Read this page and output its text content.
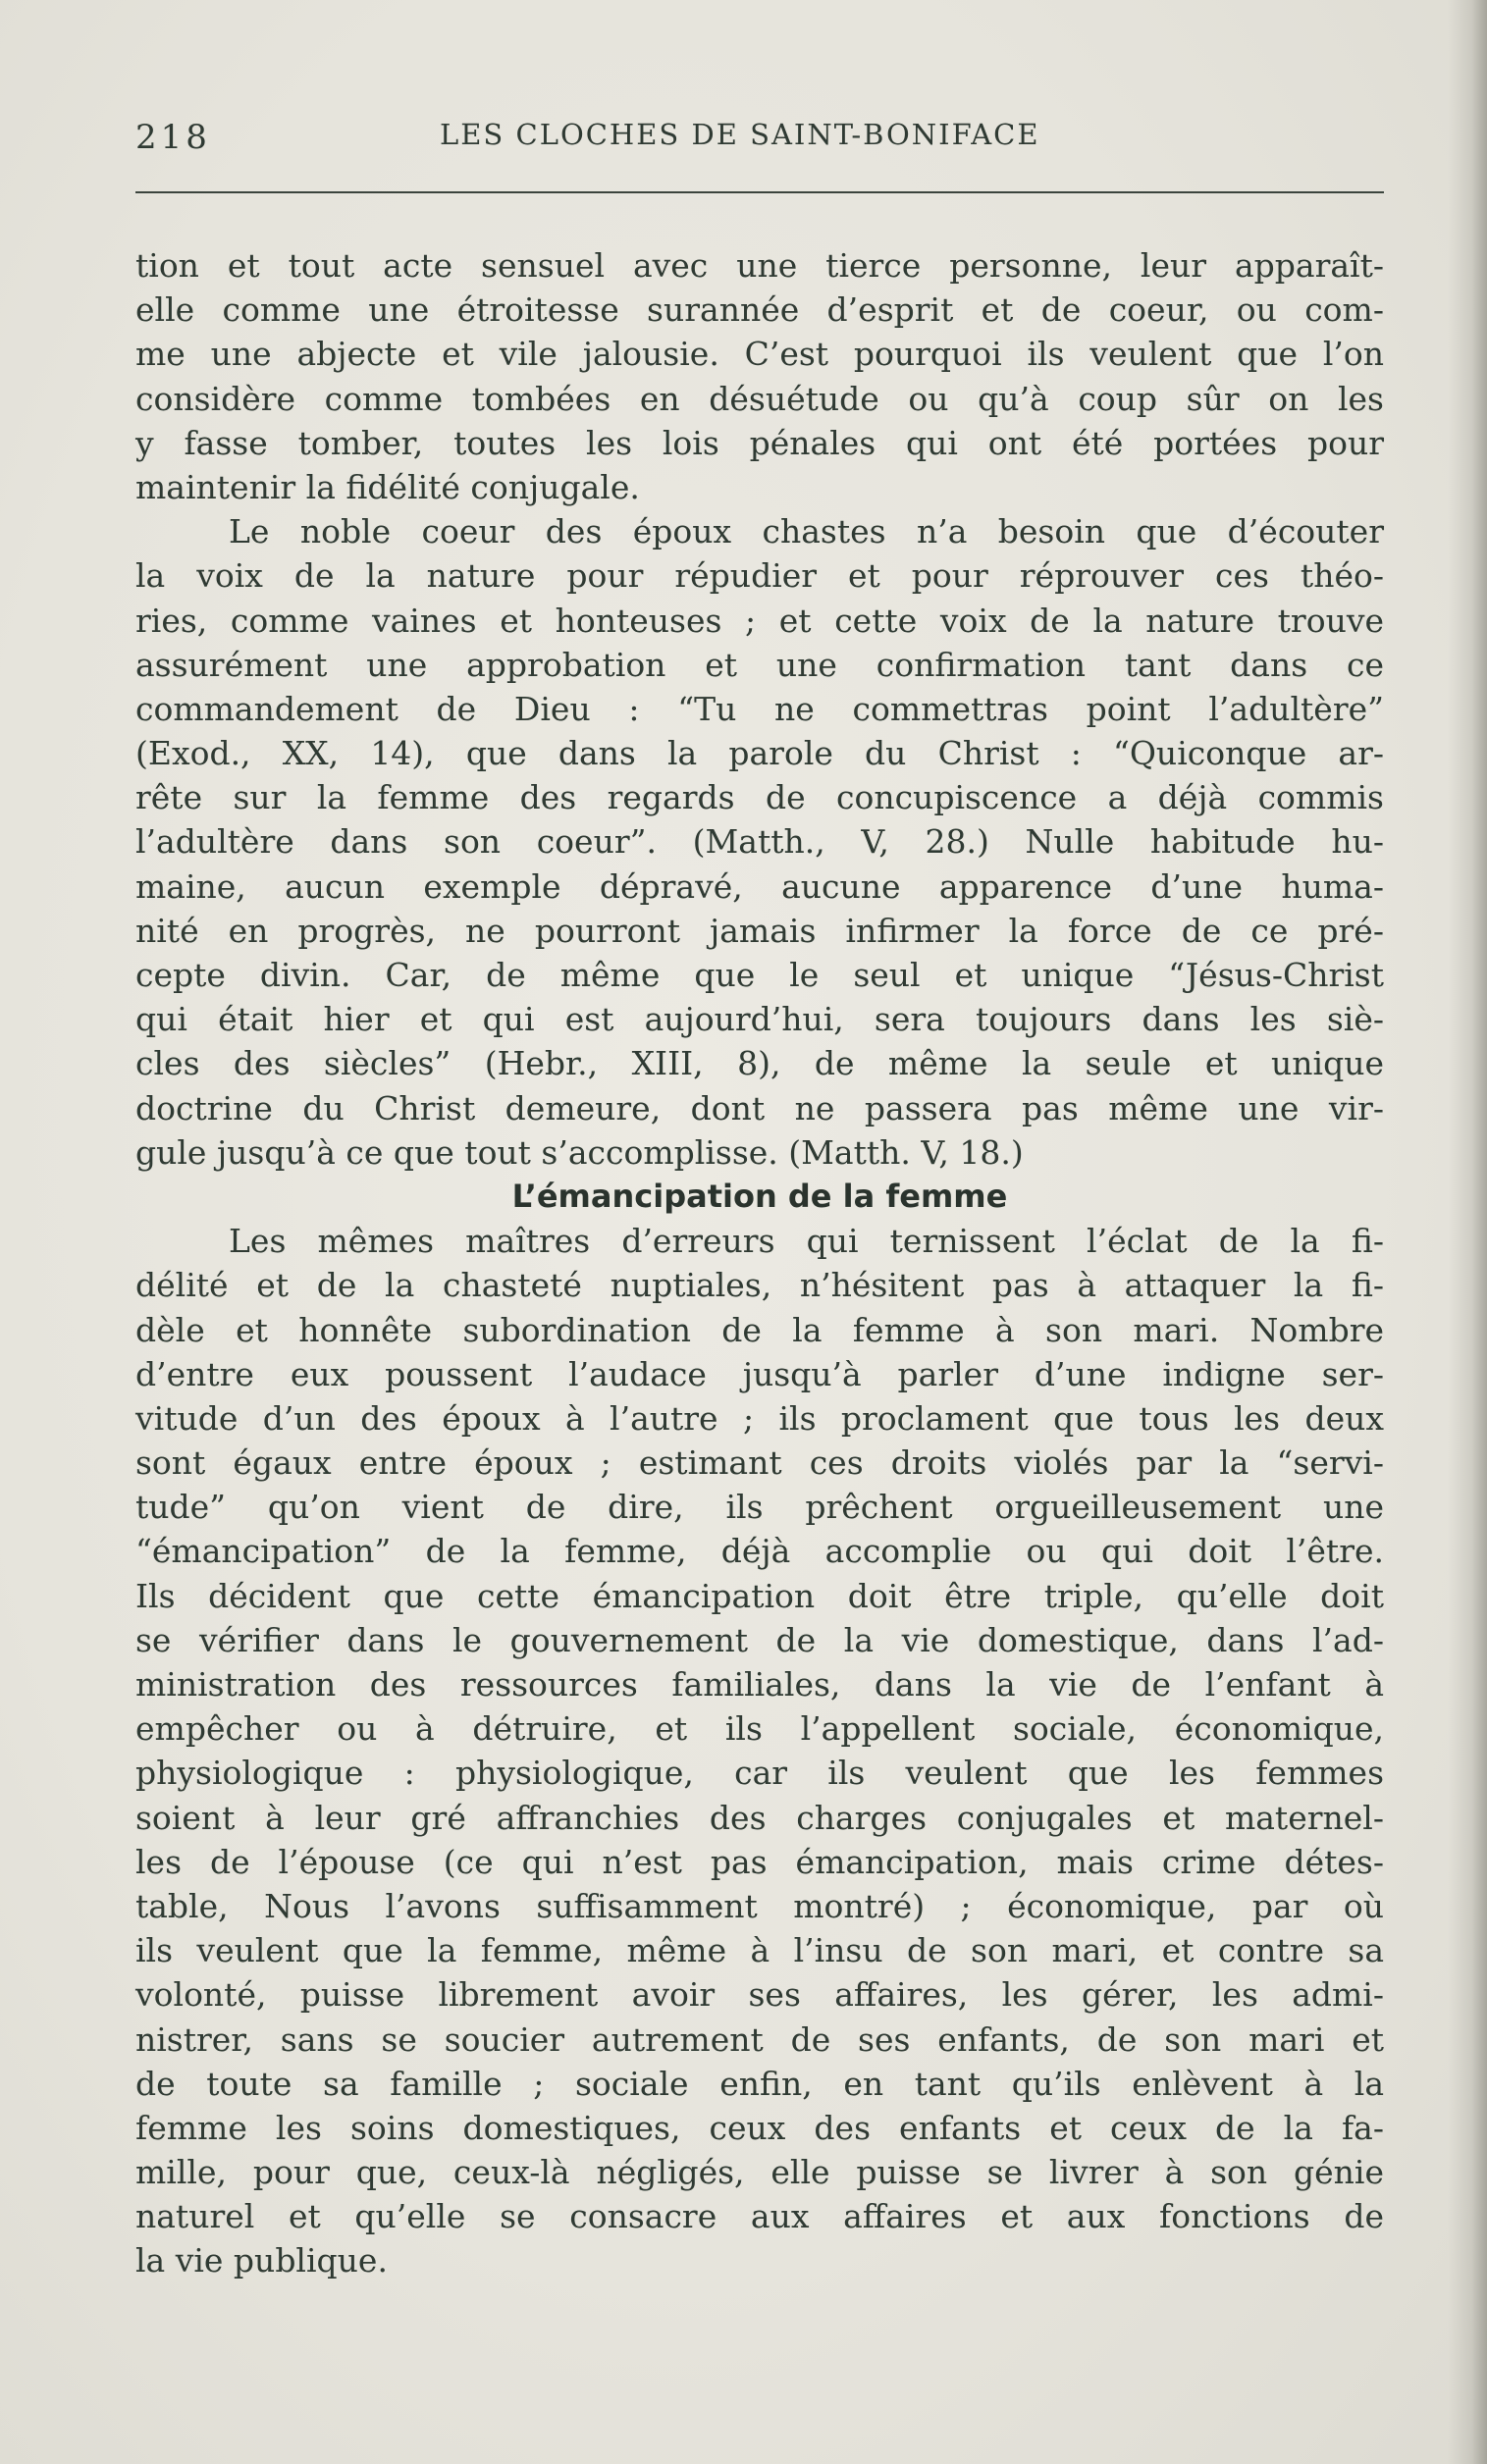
218	LES CLOCHES DE SAINT-BONIFACE
tion et tout acte sensuel avec une tierce personne, leur apparaît-
elle comme une étroitesse surannée d’esprit et de coeur, ou com-
me une abjecte et vile jalousie. C’est pourquoi ils veulent que l’on
considère comme tombées en désuétude ou qu’à coup sûr on les
y fasse tomber, toutes les lois pénales qui ont été portées pour
maintenir la fidélité conjugale.
Le noble coeur des époux chastes n’a besoin que d’écouter
la voix de la nature pour répudier et pour réprouver ces théo-
ries, comme vaines et honteuses ; et cette voix de la nature trouve
assurément une approbation et une confirmation tant dans ce
commandement de Dieu : “Tu ne commettras point l’adultère”
(Exod., XX, 14), que dans la parole du Christ : “Quiconque ar-
rête sur la femme des regards de concupiscence a déjà commis
l’adultère dans son coeur”. (Matth., V, 28.) Nulle habitude hu-
maine, aucun exemple dépravé, aucune apparence d’une huma-
nité en progrès, ne pourront jamais infirmer la force de ce pré-
cepte divin. Car, de même que le seul et unique “Jésus-Christ
qui était hier et qui est aujourd’hui, sera toujours dans les siè-
cles des siècles” (Hebr., XIII, 8), de même la seule et unique
doctrine du Christ demeure, dont ne passera pas même une vir-
gule jusqu’à ce que tout s’accomplisse. (Matth. V, 18.)
L’émancipation de la femme
Les mêmes maîtres d’erreurs qui ternissent l’éclat de la fi-
délité et de la chasteté nuptiales, n’hésitent pas à attaquer la fi-
dèle et honnête subordination de la femme à son mari. Nombre
d’entre eux poussent l’audace jusqu’à parler d’une indigne ser-
vitude d’un des époux à l’autre ; ils proclament que tous les deux
sont égaux entre époux ; estimant ces droits violés par la “servi-
tude” qu’on vient de dire, ils prêchent orgueilleusement une
“émancipation” de la femme, déjà accomplie ou qui doit l’être.
Ils décident que cette émancipation doit être triple, qu’elle doit
se vérifier dans le gouvernement de la vie domestique, dans l’ad-
ministration des ressources familiales, dans la vie de l’enfant à
empêcher ou à détruire, et ils l’appellent sociale, économique,
physiologique : physiologique, car ils veulent que les femmes
soient à leur gré affranchies des charges conjugales et maternel-
les de l’épouse (ce qui n’est pas émancipation, mais crime détes-
table, Nous l’avons suffisamment montré) ; économique, par où
ils veulent que la femme, même à l’insu de son mari, et contre sa
volonté, puisse librement avoir ses affaires, les gérer, les admi-
nistrer, sans se soucier autrement de ses enfants, de son mari et
de toute sa famille ; sociale enfin, en tant qu’ils enlèvent à la
femme les soins domestiques, ceux des enfants et ceux de la fa-
mille, pour que, ceux-là négligés, elle puisse se livrer à son génie
naturel et qu’elle se consacre aux affaires et aux fonctions de
la vie publique.
